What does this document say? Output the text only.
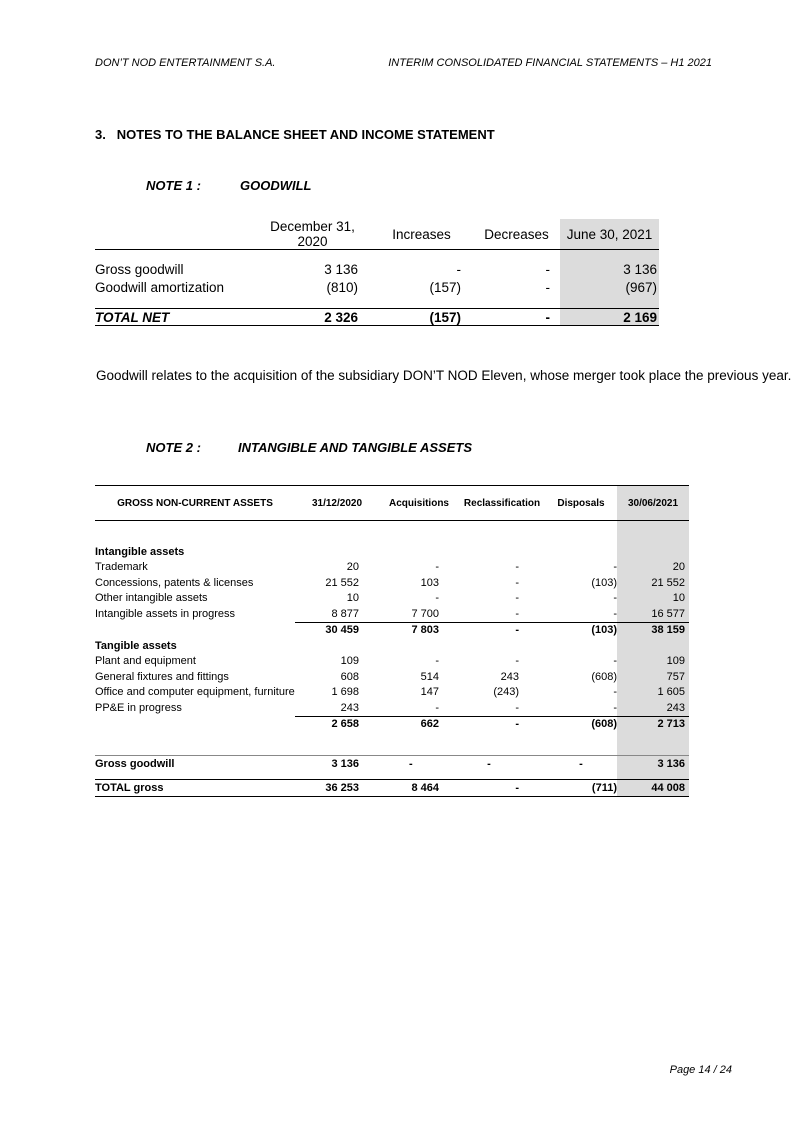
DON’T NOD ENTERTAINMENT S.A.	INTERIM CONSOLIDATED FINANCIAL STATEMENTS – H1 2021
3. NOTES TO THE BALANCE SHEET AND INCOME STATEMENT
NOTE 1 :	GOODWILL
	December 31, 2020	Increases	Decreases	June 30, 2021

Gross goodwill	3 136	-	-	3 136
Goodwill amortization	(810)	(157)	-	(967)

TOTAL NET	2 326	(157)	-	2 169
Goodwill relates to the acquisition of the subsidiary DON’T NOD Eleven, whose merger took place the previous year.
NOTE 2 :	INTANGIBLE AND TANGIBLE ASSETS
GROSS NON-CURRENT ASSETS	31/12/2020	Acquisitions	Reclassification	Disposals	30/06/2021

Intangible assets					
Trademark	20	-	-	-	20
Concessions, patents & licenses	21 552	103	-	(103)	21 552
Other intangible assets	10	-	-	-	10
Intangible assets in progress	8 877	7 700	-	-	16 577
	30 459	7 803	-	(103)	38 159
Tangible assets					
Plant and equipment	109	-	-	-	109
General fixtures and fittings	608	514	243	(608)	757
Office and computer equipment, furniture	1 698	147	(243)	-	1 605
PP&E in progress	243	-	-	-	243
	2 658	662	-	(608)	2 713

Gross goodwill	3 136	-	-	-	3 136

TOTAL gross	36 253	8 464	-	(711)	44 008
Page 14 / 24
